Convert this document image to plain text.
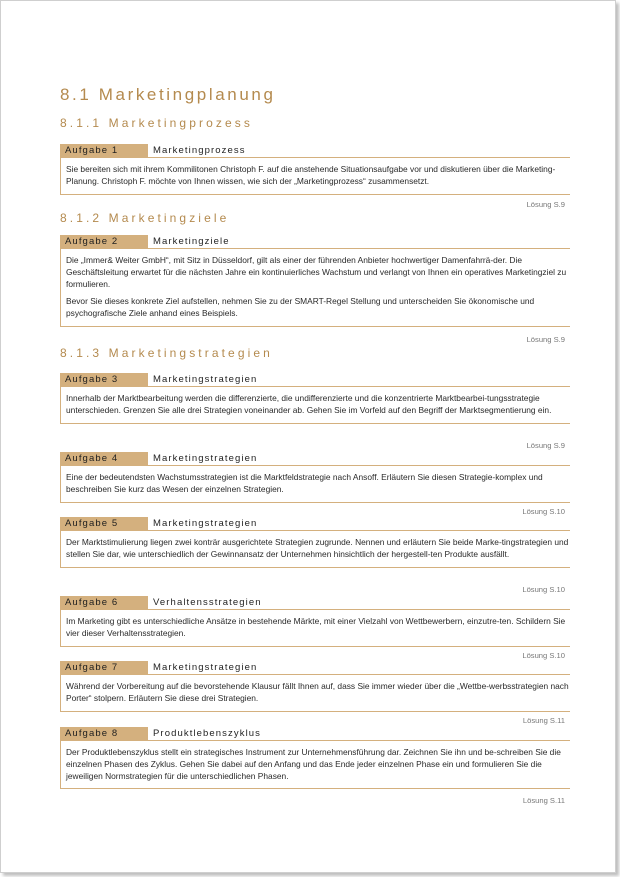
8.1 Marketingplanung
8.1.1 Marketingprozess
Aufgabe 1	Marketingprozess

Sie bereiten sich mit ihrem Kommilitonen Christoph F. auf die anstehende Situationsaufgabe vor und diskutieren über die Marketing-Planung. Christoph F. möchte von Ihnen wissen, wie sich der „Marketingprozess“ zusammensetzt.

Lösung S.9
8.1.2 Marketingziele
Aufgabe 2	Marketingziele

Die „Immer& Weiter GmbH“, mit Sitz in Düsseldorf, gilt als einer der führenden Anbieter hochwertiger Damenfahrrä-der. Die Geschäftsleitung erwartet für die nächsten Jahre ein kontinuierliches Wachstum und verlangt von Ihnen ein operatives Marketingziel zu formulieren.

Bevor Sie dieses konkrete Ziel aufstellen, nehmen Sie zu der SMART-Regel Stellung und unterscheiden Sie ökonomische und psychografische Ziele anhand eines Beispiels.

Lösung S.9
8.1.3 Marketingstrategien
Aufgabe 3	Marketingstrategien

Innerhalb der Marktbearbeitung werden die differenzierte, die undifferenzierte und die konzentrierte Marktbearbei-tungsstrategie unterschieden. Grenzen Sie alle drei Strategien voneinander ab. Gehen Sie im Vorfeld auf den Begriff der Marktsegmentierung ein.

Lösung S.9
Aufgabe 4	Marketingstrategien

Eine der bedeutendsten Wachstumsstrategien ist die Marktfeldstrategie nach Ansoff. Erläutern Sie diesen Strategie-komplex und beschreiben Sie kurz das Wesen der einzelnen Strategien.

Lösung S.10
Aufgabe 5	Marketingstrategien

Der Marktstimulierung liegen zwei konträr ausgerichtete Strategien zugrunde. Nennen und erläutern Sie beide Marke-tingstrategien und stellen Sie dar, wie unterschiedlich der Gewinnansatz der Unternehmen hinsichtlich der hergestell-ten Produkte ausfällt.

Lösung S.10
Aufgabe 6	Verhaltensstrategien

Im Marketing gibt es unterschiedliche Ansätze in bestehende Märkte, mit einer Vielzahl von Wettbewerbern, einzutre-ten. Schildern Sie vier dieser Verhaltensstrategien.

Lösung S.10
Aufgabe 7	Marketingstrategien

Während der Vorbereitung auf die bevorstehende Klausur fällt Ihnen auf, dass Sie immer wieder über die „Wettbe-werbsstrategien nach Porter“ stolpern. Erläutern Sie diese drei Strategien.

Lösung S.11
Aufgabe 8	Produktlebenszyklus

Der Produktlebenszyklus stellt ein strategisches Instrument zur Unternehmensführung dar. Zeichnen Sie ihn und be-schreiben Sie die einzelnen Phasen des Zyklus. Gehen Sie dabei auf den Anfang und das Ende jeder einzelnen Phase ein und formulieren Sie die jeweiligen Normstrategien für die unterschiedlichen Phasen.

Lösung S.11
